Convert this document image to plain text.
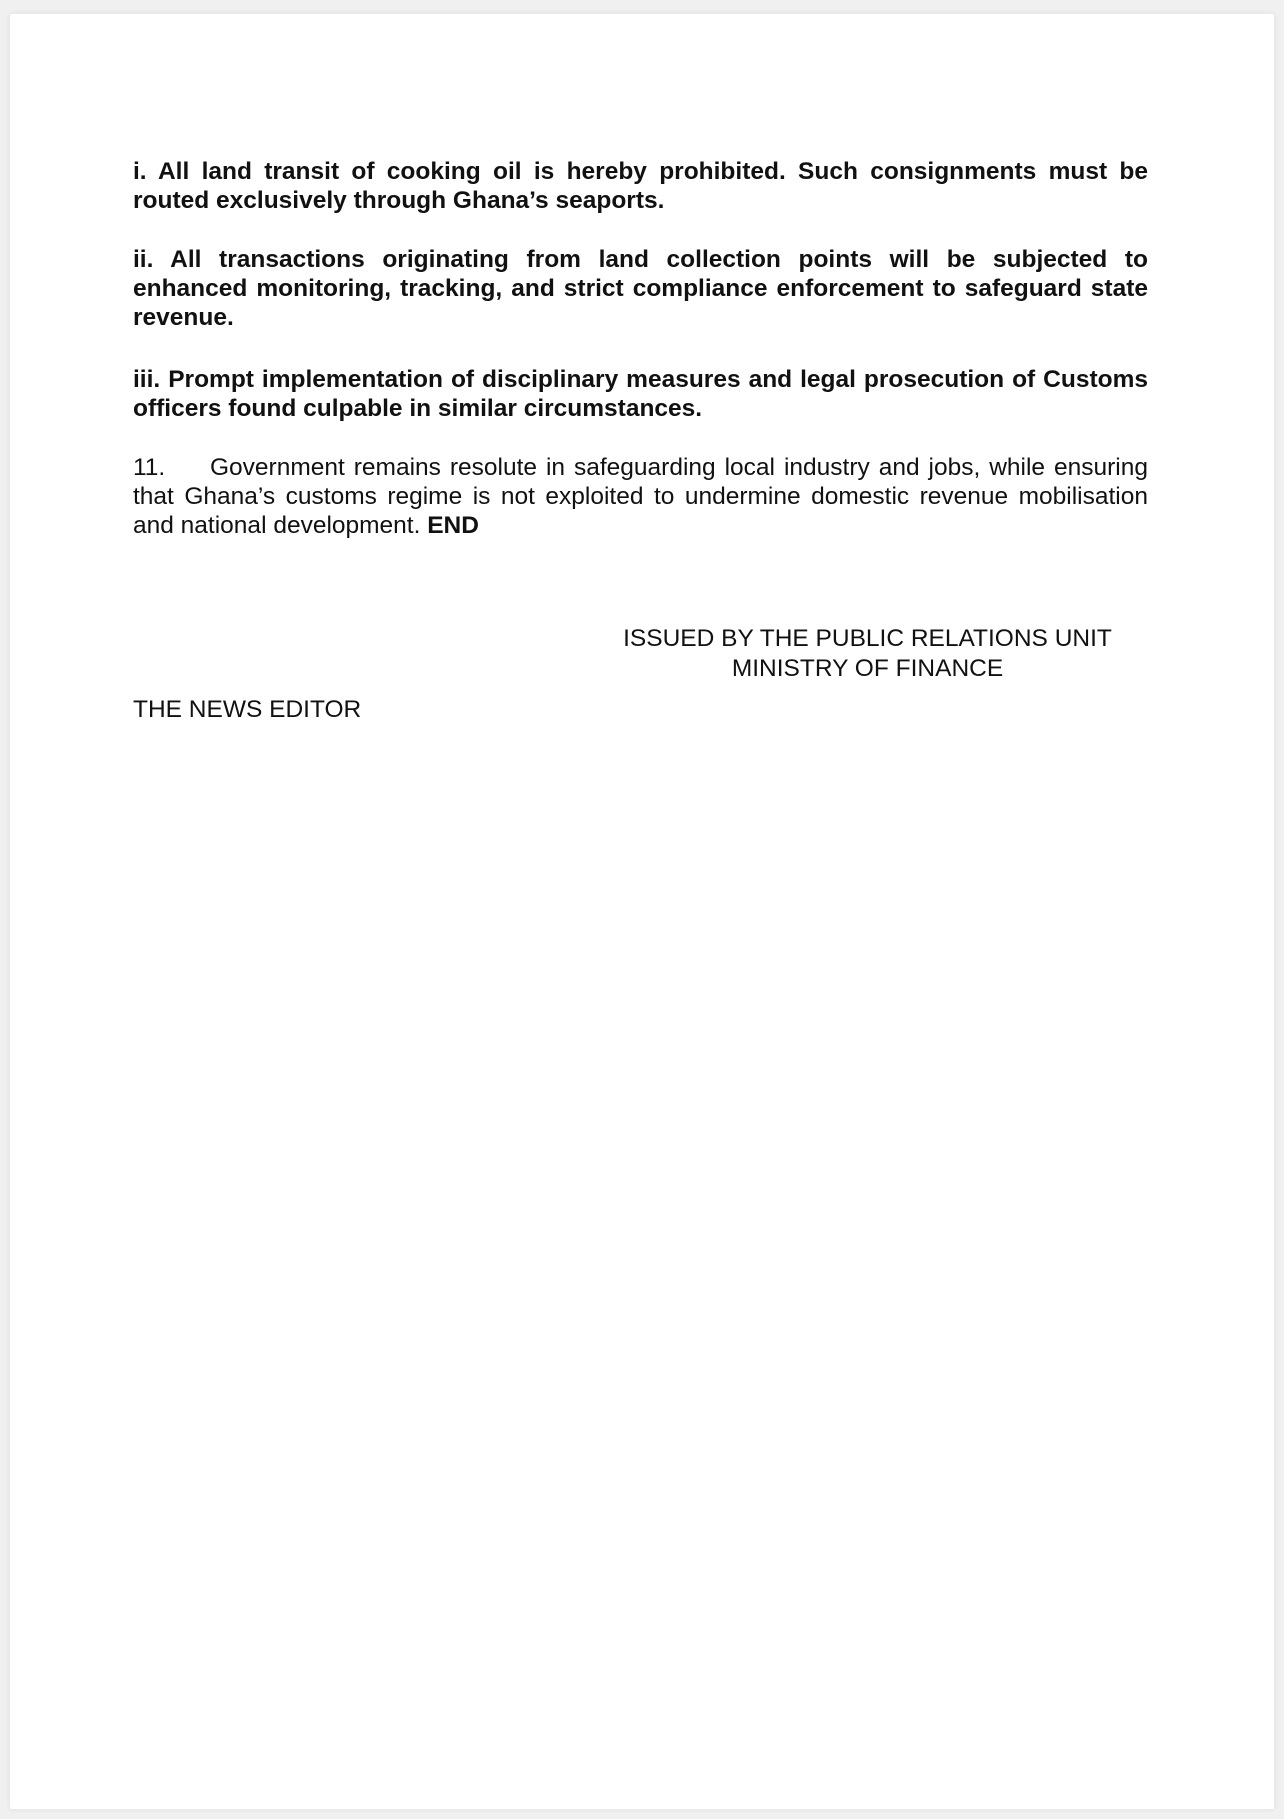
i. All land transit of cooking oil is hereby prohibited. Such consignments must be routed exclusively through Ghana’s seaports.

ii. All transactions originating from land collection points will be subjected to enhanced monitoring, tracking, and strict compliance enforcement to safeguard state revenue.

iii. Prompt implementation of disciplinary measures and legal prosecution of Customs officers found culpable in similar circumstances.

11. Government remains resolute in safeguarding local industry and jobs, while ensuring that Ghana’s customs regime is not exploited to undermine domestic revenue mobilisation and national development. END

ISSUED BY THE PUBLIC RELATIONS UNIT
MINISTRY OF FINANCE
THE NEWS EDITOR
